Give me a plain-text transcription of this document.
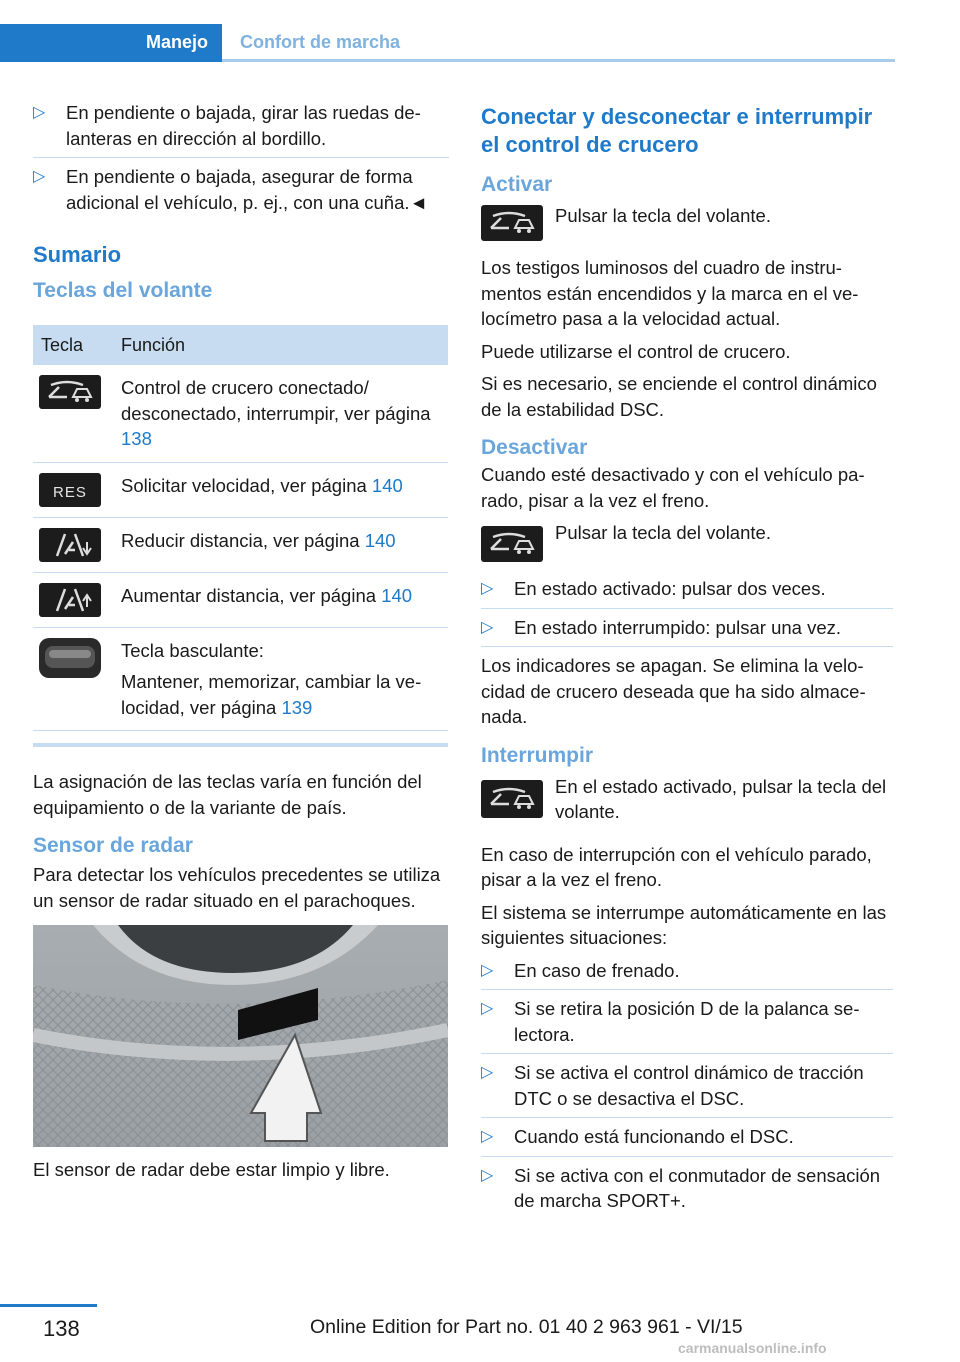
Manejo Confort de marcha
▷ En pendiente o bajada, girar las ruedas delanteras en dirección al bordillo.
▷ En pendiente o bajada, asegurar de forma adicional el vehículo, p. ej., con una cuña.◄
Sumario
Teclas del volante
Tecla	Función

	Control de crucero conectado/ desconectado, interrumpir, ver página 138

RES	Solicitar velocidad, ver página 140

	Reducir distancia, ver página 140

	Aumentar distancia, ver página 140

Tecla basculante:
Mantener, memorizar, cambiar la velocidad, ver página 139

La asignación de las teclas varía en función del equipamiento o de la variante de país.

Sensor de radar

Para detectar los vehículos precedentes se utiliza un sensor de radar situado en el parachoques.

El sensor de radar debe estar limpio y libre.

Conectar y desconectar e interrumpir el control de crucero
Activar

Pulsar la tecla del volante.

Los testigos luminosos del cuadro de instrumentos están encendidos y la marca en el velocímetro pasa a la velocidad actual.

Puede utilizarse el control de crucero.

Si es necesario, se enciende el control dinámico de la estabilidad DSC.

Desactivar

Cuando esté desactivado y con el vehículo parado, pisar a la vez el freno.

Pulsar la tecla del volante.

▷ En estado activado: pulsar dos veces.
▷ En estado interrumpido: pulsar una vez.

Los indicadores se apagan. Se elimina la velocidad de crucero deseada que ha sido almacenada.

Interrumpir

En el estado activado, pulsar la tecla del volante.

En caso de interrupción con el vehículo parado, pisar a la vez el freno.

El sistema se interrumpe automáticamente en las siguientes situaciones:

▷ En caso de frenado.
▷ Si se retira la posición D de la palanca selectora.
▷ Si se activa el control dinámico de tracción DTC o se desactiva el DSC.
▷ Cuando está funcionando el DSC.
▷ Si se activa con el conmutador de sensación de marcha SPORT+.
138	Online Edition for Part no. 01 40 2 963 961 - VI/15
carmanualsonline.info
